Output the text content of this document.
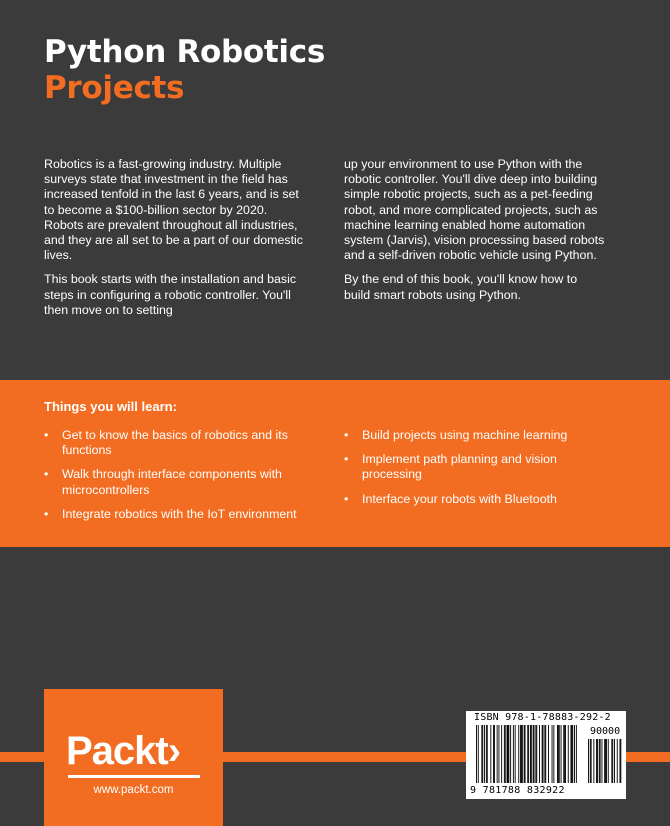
Python Robotics
Projects

Robotics is a fast-growing industry. Multiple surveys state that investment in the field has increased tenfold in the last 6 years, and is set to become a $100-billion sector by 2020. Robots are prevalent throughout all industries, and they are all set to be a part of our domestic lives.

This book starts with the installation and basic steps in configuring a robotic controller. You'll then move on to setting

up your environment to use Python with the robotic controller. You'll dive deep into building simple robotic projects, such as a pet-feeding robot, and more complicated projects, such as machine learning enabled home automation system (Jarvis), vision processing based robots and a self-driven robotic vehicle using Python.

By the end of this book, you'll know how to build smart robots using Python.

Things you will learn:
• Get to know the basics of robotics and its functions
• Walk through interface components with microcontrollers
• Integrate robotics with the IoT environment
• Build projects using machine learning
• Implement path planning and vision processing
• Interface your robots with Bluetooth
Packt›
www.packt.com
ISBN 978-1-78883-292-2
90000
9 781788 832922
